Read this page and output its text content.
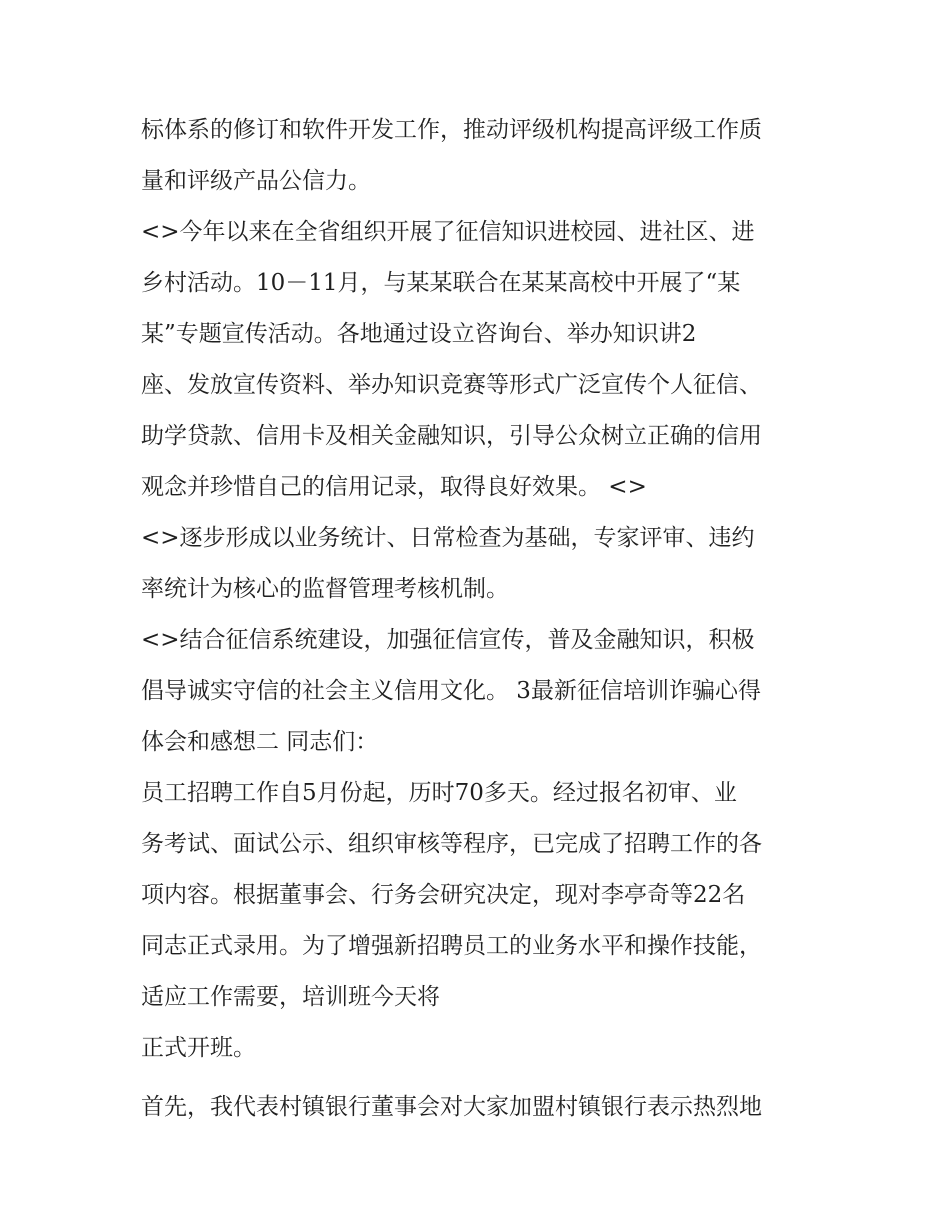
标体系的修订和软件开发工作，推动评级机构提高评级工作质
量和评级产品公信力。
<>今年以来在全省组织开展了征信知识进校园、进社区、进
乡村活动。10－11月，与某某联合在某某高校中开展了“某
某”专题宣传活动。各地通过设立咨询台、举办知识讲2
座、发放宣传资料、举办知识竞赛等形式广泛宣传个人征信、
助学贷款、信用卡及相关金融知识，引导公众树立正确的信用
观念并珍惜自己的信用记录，取得良好效果。 <>
<>逐步形成以业务统计、日常检查为基础，专家评审、违约
率统计为核心的监督管理考核机制。
<>结合征信系统建设，加强征信宣传，普及金融知识，积极
倡导诚实守信的社会主义信用文化。 3最新征信培训诈骗心得
体会和感想二 同志们：
员工招聘工作自5月份起，历时70多天。经过报名初审、业
务考试、面试公示、组织审核等程序，已完成了招聘工作的各
项内容。根据董事会、行务会研究决定，现对李亭奇等22名
同志正式录用。为了增强新招聘员工的业务水平和操作技能，
适应工作需要，培训班今天将
正式开班。
首先，我代表村镇银行董事会对大家加盟村镇银行表示热烈地
